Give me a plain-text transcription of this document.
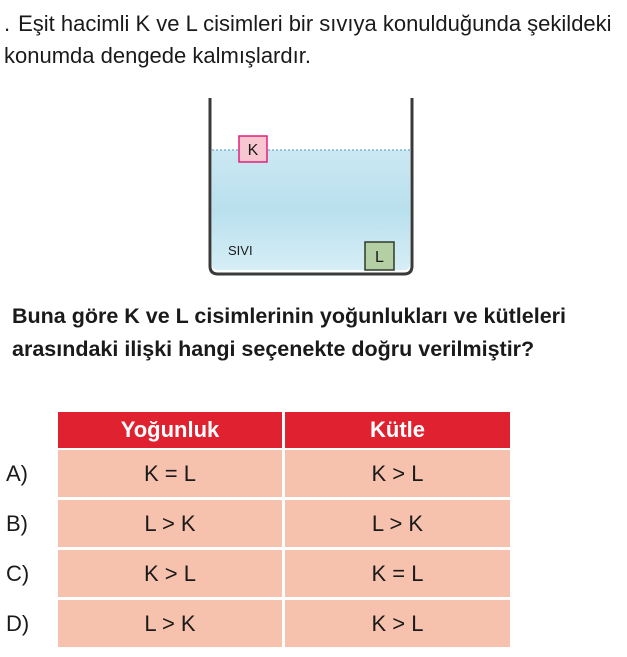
. Eşit hacimli K ve L cisimleri bir sıvıya konulduğunda şekildeki konumda dengede kalmışlardır.

K
L
SIVI

Buna göre K ve L cisimlerinin yoğunlukları ve kütleleri arasındaki ilişki hangi seçenekte doğru verilmiştir?

Yoğunluk	Kütle
A)	K = L	K > L
B)	L > K	L > K
C)	K > L	K = L
D)	L > K	K > L
